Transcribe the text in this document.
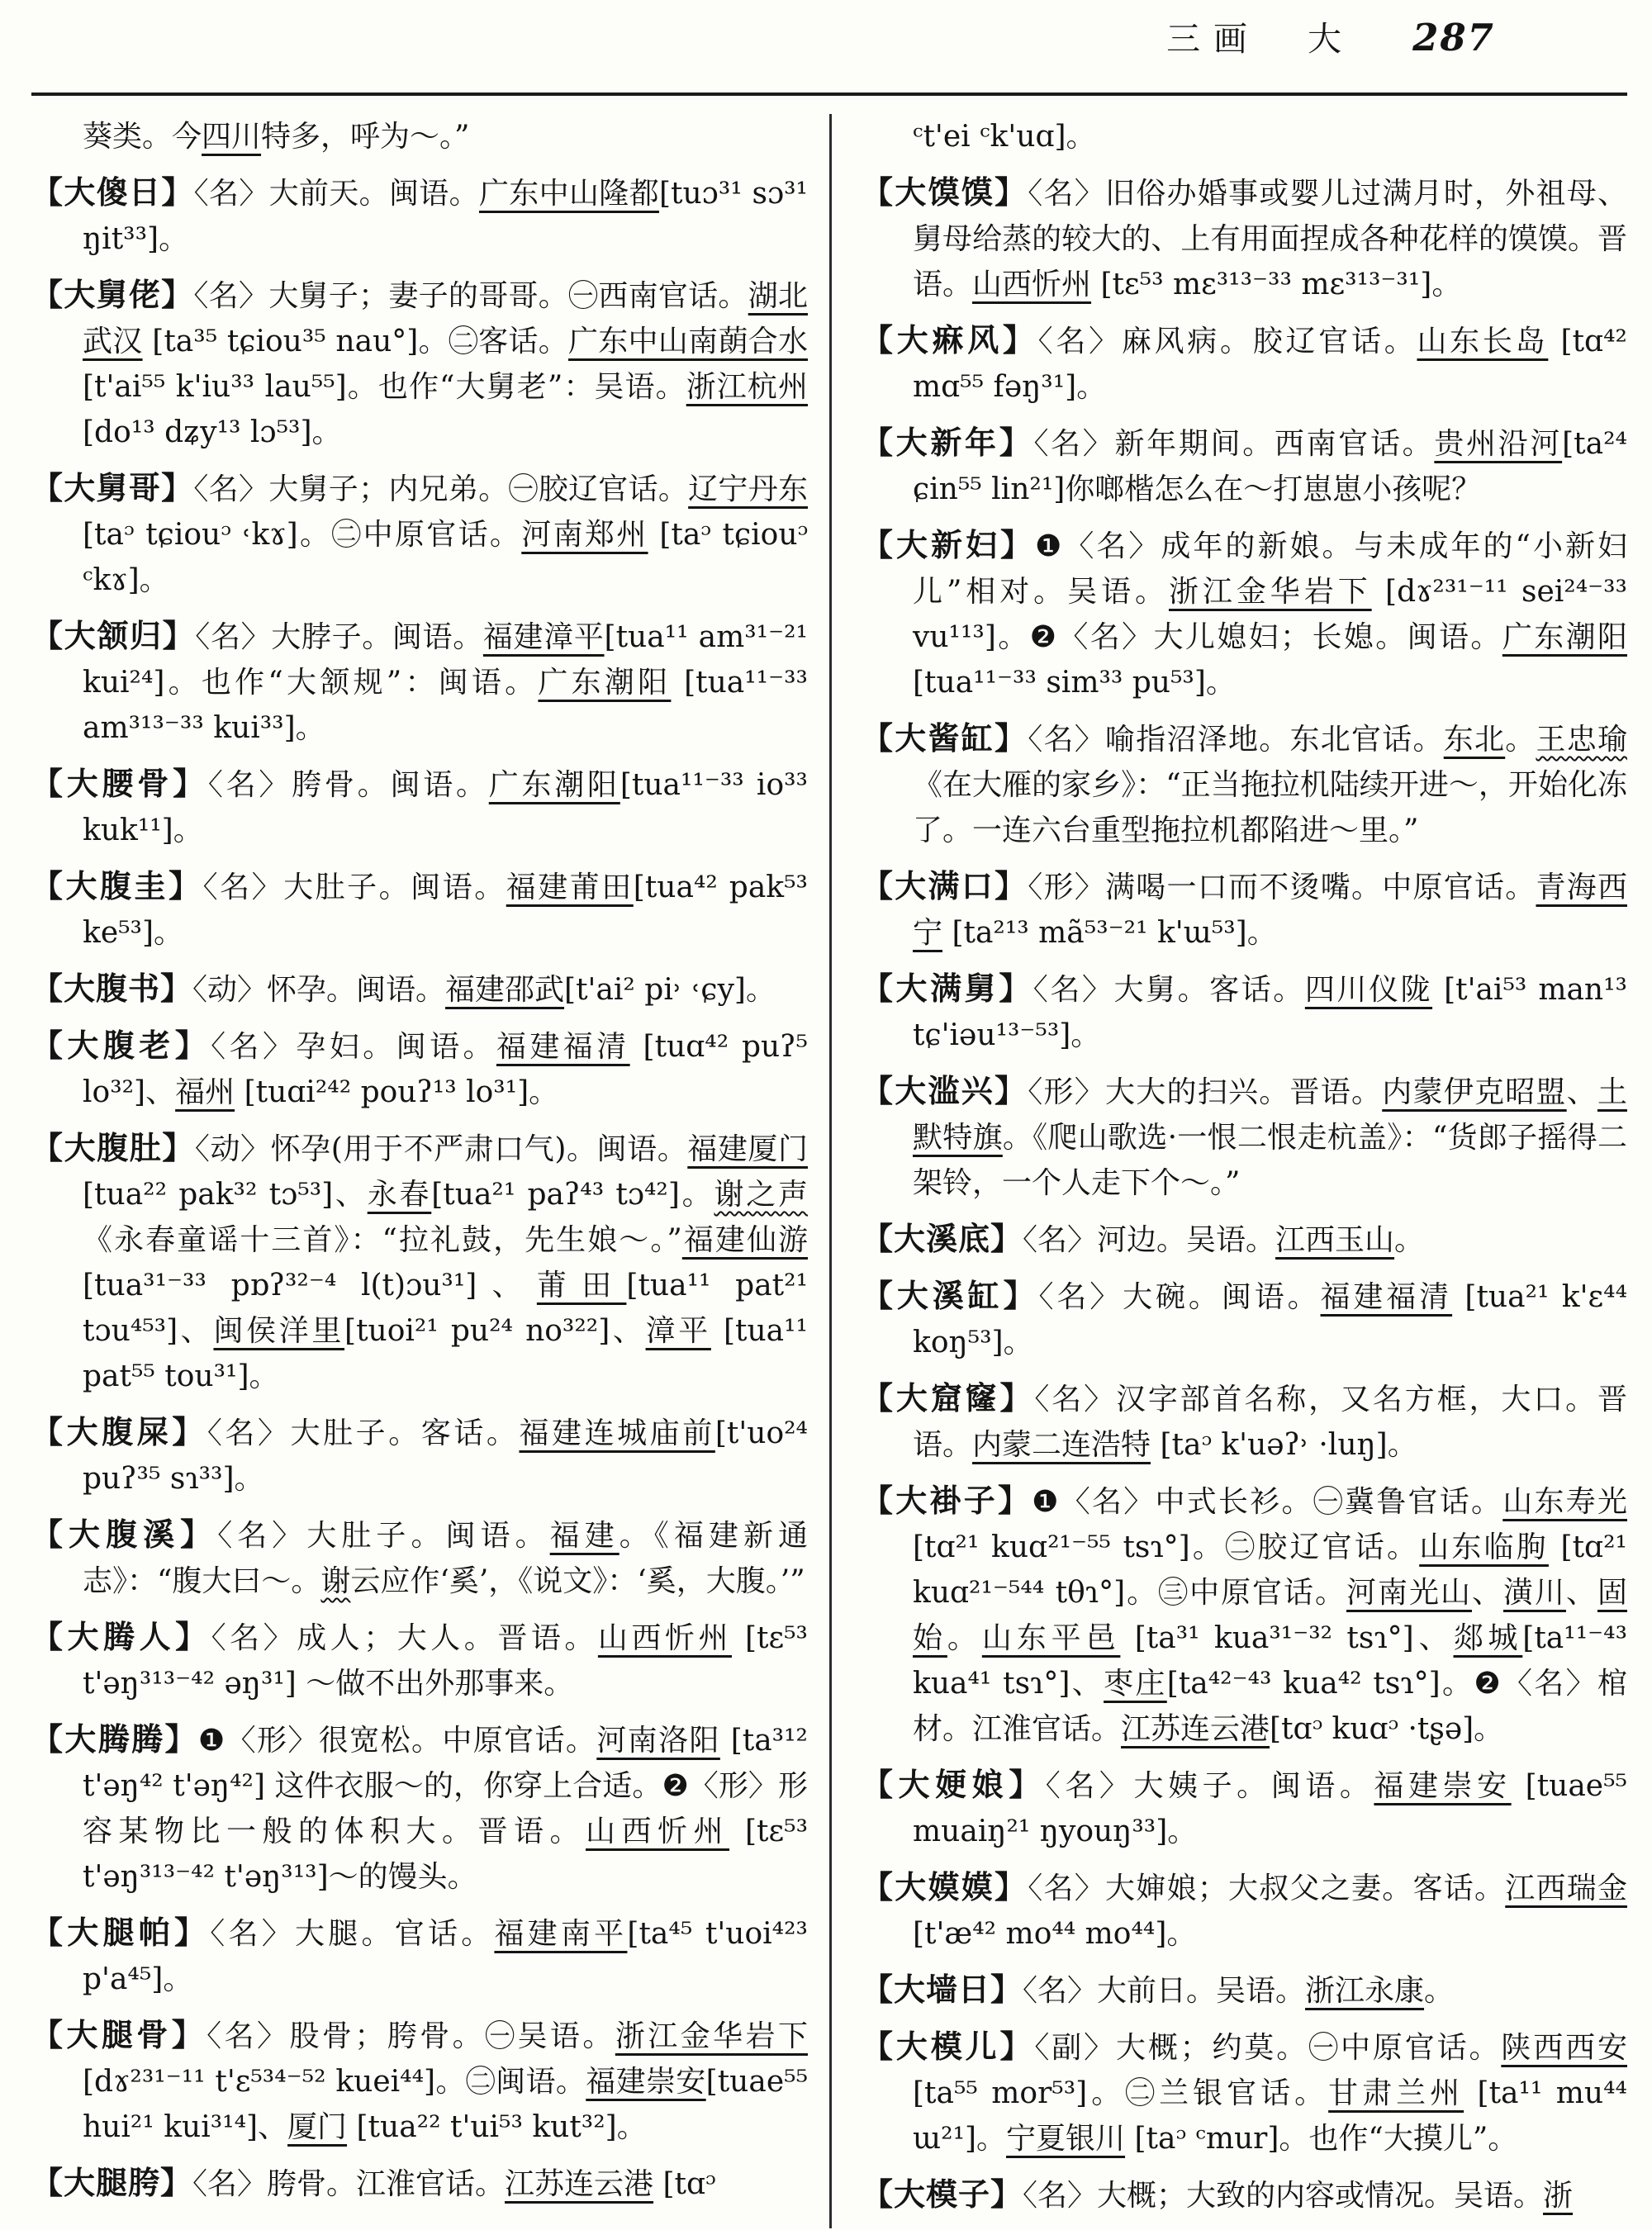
三画　大 287
葵类。今四川特多，呼为～。”
【大傻日】〈名〉大前天。闽语。广东中山隆都[tuɔ³¹ sɔ³¹ ŋit³³]。
【大舅佬】〈名〉大舅子；妻子的哥哥。㊀西南官话。湖北武汉 [ta³⁵ tɕiou³⁵ nau°]。㊁客话。广东中山南蓢合水 [t'ai⁵⁵ k'iu³³ lau⁵⁵]。也作“大舅老”：吴语。浙江杭州 [do¹³ dʑy¹³ lɔ⁵³]。
【大舅哥】〈名〉大舅子；内兄弟。㊀胶辽官话。辽宁丹东 [taᵓ tɕiouᵓ ˓kɤ]。㊁中原官话。河南郑州 [taᵓ tɕiouᵓ ᶜkɤ]。
【大颔归】〈名〉大脖子。闽语。福建漳平[tua¹¹ am³¹⁻²¹ kui²⁴]。也作“大颔规”：闽语。广东潮阳 [tua¹¹⁻³³ am³¹³⁻³³ kui³³]。
【大腰骨】〈名〉胯骨。闽语。广东潮阳[tua¹¹⁻³³ io³³ kuk¹¹]。
【大腹圭】〈名〉大肚子。闽语。福建莆田[tua⁴² pak⁵³ ke⁵³]。
【大腹书】〈动〉怀孕。闽语。福建邵武[t'ai² pi˒ ˓ɕy]。
【大腹老】〈名〉孕妇。闽语。福建福清 [tuɑ⁴² puʔ⁵ lo³²]、福州 [tuɑi²⁴² pouʔ¹³ lo³¹]。
【大腹肚】〈动〉怀孕(用于不严肃口气)。闽语。福建厦门 [tua²² pak³² tɔ⁵³]、永春[tua²¹ paʔ⁴³ tɔ⁴²]。谢之声《永春童谣十三首》：“拉礼鼓，先生娘～。”福建仙游 [tua³¹⁻³³ pɒʔ³²⁻⁴ l(t)ɔu³¹]、莆田[tua¹¹ pat²¹ tɔu⁴⁵³]、闽侯洋里[tuoi²¹ pu²⁴ no³²²]、漳平 [tua¹¹ pat⁵⁵ tou³¹]。
【大腹屎】〈名〉大肚子。客话。福建连城庙前[t'uo²⁴ puʔ³⁵ sɿ³³]。
【大腹溪】〈名〉大肚子。闽语。福建。《福建新通志》：“腹大曰～。谢云应作‘奚’，《说文》：‘奚，大腹。’”
【大腾人】〈名〉成人；大人。晋语。山西忻州 [tɛ⁵³ t'əŋ³¹³⁻⁴² əŋ³¹] ～做不出外那事来。
【大腾腾】❶〈形〉很宽松。中原官话。河南洛阳 [ta³¹² t'əŋ⁴² t'əŋ⁴²] 这件衣服～的，你穿上合适。❷〈形〉形容某物比一般的体积大。晋语。山西忻州 [tɛ⁵³ t'əŋ³¹³⁻⁴² t'əŋ³¹³]～的馒头。
【大腿帕】〈名〉大腿。官话。福建南平[ta⁴⁵ t'uoi⁴²³ p'a⁴⁵]。
【大腿骨】〈名〉股骨；胯骨。㊀吴语。浙江金华岩下[dɤ²³¹⁻¹¹ t'ɛ⁵³⁴⁻⁵² kuei⁴⁴]。㊁闽语。福建崇安[tuae⁵⁵ hui²¹ kui³¹⁴]、厦门 [tua²² t'ui⁵³ kut³²]。
【大腿胯】〈名〉胯骨。江淮官话。江苏连云港 [tɑᵓ
ᶜt'ei ᶜk'uɑ]。
【大馍馍】〈名〉旧俗办婚事或婴儿过满月时，外祖母、舅母给蒸的较大的、上有用面捏成各种花样的馍馍。晋语。山西忻州 [tɛ⁵³ mɛ³¹³⁻³³ mɛ³¹³⁻³¹]。
【大痳风】〈名〉麻风病。胶辽官话。山东长岛 [tɑ⁴² mɑ⁵⁵ fəŋ³¹]。
【大新年】〈名〉新年期间。西南官话。贵州沿河[ta²⁴ ɕin⁵⁵ lin²¹]你啷楷怎么在～打崽崽小孩呢？
【大新妇】❶〈名〉成年的新娘。与未成年的“小新妇儿”相对。吴语。浙江金华岩下 [dɤ²³¹⁻¹¹ sei²⁴⁻³³ vu¹¹³]。❷〈名〉大儿媳妇；长媳。闽语。广东潮阳[tua¹¹⁻³³ sim³³ pu⁵³]。
【大酱缸】〈名〉喻指沼泽地。东北官话。东北。王忠瑜《在大雁的家乡》：“正当拖拉机陆续开进～，开始化冻了。一连六台重型拖拉机都陷进～里。”
【大满口】〈形〉满喝一口而不烫嘴。中原官话。青海西宁 [ta²¹³ mã⁵³⁻²¹ k'ɯ⁵³]。
【大满舅】〈名〉大舅。客话。四川仪陇 [t'ai⁵³ man¹³ tɕ'iəu¹³⁻⁵³]。
【大滥兴】〈形〉大大的扫兴。晋语。内蒙伊克昭盟、土默特旗。《爬山歌选·一恨二恨走杭盖》：“货郎子摇得二架铃，一个人走下个～。”
【大溪底】〈名〉河边。吴语。江西玉山。
【大溪缸】〈名〉大碗。闽语。福建福清 [tua²¹ k'ɛ⁴⁴ koŋ⁵³]。
【大窟窿】〈名〉汉字部首名称，又名方框，大口。晋语。内蒙二连浩特 [taᵓ k'uəʔ˒ ·luŋ]。
【大褂子】❶〈名〉中式长衫。㊀冀鲁官话。山东寿光 [tɑ²¹ kuɑ²¹⁻⁵⁵ tsɿ°]。㊁胶辽官话。山东临朐 [tɑ²¹ kuɑ²¹⁻⁵⁴⁴ tθɿ°]。㊂中原官话。河南光山、潢川、固始。山东平邑 [ta³¹ kua³¹⁻³² tsɿ°]、郯城[ta¹¹⁻⁴³ kua⁴¹ tsɿ°]、枣庄[ta⁴²⁻⁴³ kua⁴² tsɿ°]。❷〈名〉棺材。江淮官话。江苏连云港[tɑᵓ kuɑᵓ ·tʂə]。
【大㛐娘】〈名〉大姨子。闽语。福建崇安 [tuae⁵⁵ muaiŋ²¹ ŋyouŋ³³]。
【大嫫嫫】〈名〉大婶娘；大叔父之妻。客话。江西瑞金[t'æ⁴² mo⁴⁴ mo⁴⁴]。
【大墙日】〈名〉大前日。吴语。浙江永康。
【大模儿】〈副〉大概；约莫。㊀中原官话。陕西西安 [ta⁵⁵ mor⁵³]。㊁兰银官话。甘肃兰州 [ta¹¹ mu⁴⁴ ɯ²¹]。宁夏银川 [taᵓ ᶜmur]。也作“大摸儿”。
【大模子】〈名〉大概；大致的内容或情况。吴语。浙
